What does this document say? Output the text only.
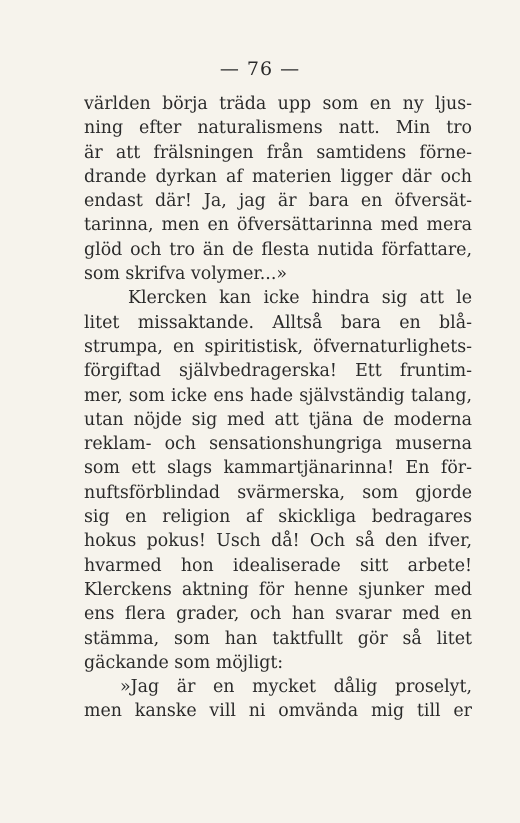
— 76 —
världen börja träda upp som en ny ljus-
ning efter naturalismens natt. Min tro
är att frälsningen från samtidens förne-
drande dyrkan af materien ligger där och
endast där! Ja, jag är bara en öfversät-
tarinna, men en öfversättarinna med mera
glöd och tro än de flesta nutida författare,
som skrifva volymer...»
Klercken kan icke hindra sig att le
litet missaktande. Alltså bara en blå-
strumpa, en spiritistisk, öfvernaturlighets-
förgiftad självbedragerska! Ett fruntim-
mer, som icke ens hade självständig talang,
utan nöjde sig med att tjäna de moderna
reklam- och sensationshungriga muserna
som ett slags kammartjänarinna! En för-
nuftsförblindad svärmerska, som gjorde
sig en religion af skickliga bedragares
hokus pokus! Usch då! Och så den ifver,
hvarmed hon idealiserade sitt arbete!
Klerckens aktning för henne sjunker med
ens flera grader, och han svarar med en
stämma, som han taktfullt gör så litet
gäckande som möjligt:
»Jag är en mycket dålig proselyt,
men kanske vill ni omvända mig till er
